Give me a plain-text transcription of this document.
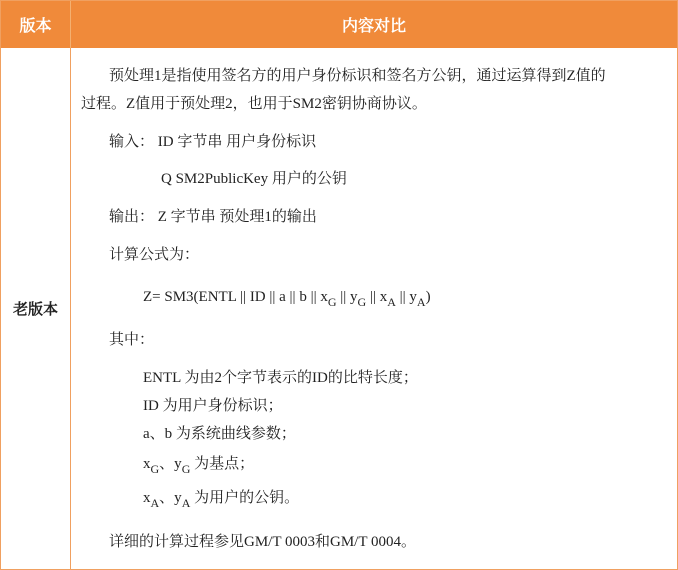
版本	内容对比
老版本
预处理1是指使用签名方的用户身份标识和签名方公钥，通过运算得到Z值的
过程。Z值用于预处理2，也用于SM2密钥协商协议。
输入： ID 字节串 用户身份标识
Q SM2PublicKey 用户的公钥
输出： Z 字节串 预处理1的输出
计算公式为：
Z= SM3(ENTL || ID || a || b || $x_G$ || $y_G$ || $x_A$ || $y_A$)
其中：
ENTL 为由2个字节表示的ID的比特长度；
ID 为用户身份标识；
a、b 为系统曲线参数；
$x_G$、$y_G$ 为基点；
$x_A$、$y_A$ 为用户的公钥。
详细的计算过程参见GM/T 0003和GM/T 0004。
